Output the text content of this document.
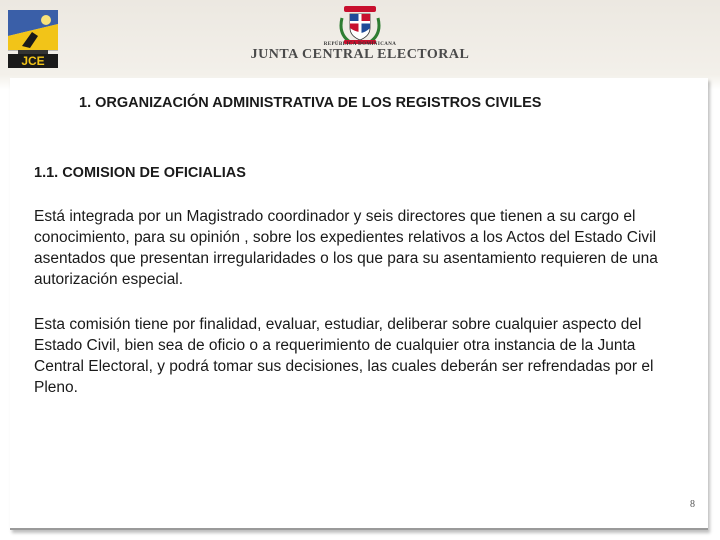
JCE
REPÚBLICA DOMINICANA
JUNTA CENTRAL ELECTORAL
1. ORGANIZACIÓN ADMINISTRATIVA DE LOS REGISTROS CIVILES
1.1. COMISION DE OFICIALIAS
Está integrada por un Magistrado coordinador y seis directores que tienen a su cargo el conocimiento, para su opinión , sobre los expedientes relativos a los Actos del Estado Civil asentados que presentan irregularidades o los que para su asentamiento requieren de una autorización especial.
Esta comisión tiene por finalidad, evaluar, estudiar, deliberar sobre cualquier aspecto del Estado Civil, bien sea de oficio o a requerimiento de cualquier otra instancia de la Junta Central Electoral, y podrá tomar sus decisiones, las cuales deberán ser refrendadas por el Pleno.
8
